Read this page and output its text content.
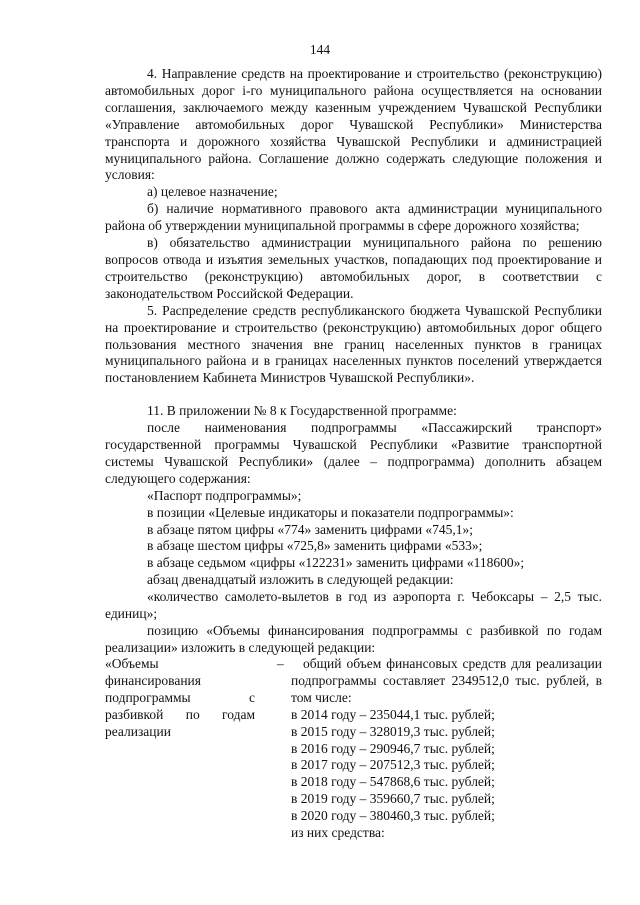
144

4. Направление средств на проектирование и строительство (реконструкцию) автомобильных дорог i-го муниципального района осуществляется на основании соглашения, заключаемого между казенным учреждением Чувашской Республики «Управление автомобильных дорог Чувашской Республики» Министерства транспорта и дорожного хозяйства Чувашской Республики и администрацией муниципального района. Соглашение должно содержать следующие положения и условия:

а) целевое назначение;

б) наличие нормативного правового акта администрации муниципального района об утверждении муниципальной программы в сфере дорожного хозяйства;

в) обязательство администрации муниципального района по решению вопросов отвода и изъятия земельных участков, попадающих под проектирование и строительство (реконструкцию) автомобильных дорог, в соответствии с законодательством Российской Федерации.

5. Распределение средств республиканского бюджета Чувашской Республики на проектирование и строительство (реконструкцию) автомобильных дорог общего пользования местного значения вне границ населенных пунктов в границах муниципального района и в границах населенных пунктов поселений утверждается постановлением Кабинета Министров Чувашской Республики».

11. В приложении № 8 к Государственной программе:

после наименования подпрограммы «Пассажирский транспорт» государственной программы Чувашской Республики «Развитие транспортной системы Чувашской Республики» (далее – подпрограмма) дополнить абзацем следующего содержания:

«Паспорт подпрограммы»;

в позиции «Целевые индикаторы и показатели подпрограммы»:

в абзаце пятом цифры «774» заменить цифрами «745,1»;

в абзаце шестом цифры «725,8» заменить цифрами «533»;

в абзаце седьмом «цифры «122231» заменить цифрами «118600»;

абзац двенадцатый изложить в следующей редакции:

«количество самолето-вылетов в год из аэропорта г. Чебоксары – 2,5 тыс. единиц»;

позицию «Объемы финансирования подпрограммы с разбивкой по годам реализации» изложить в следующей редакции:

«Объемы финансирования подпрограммы с разбивкой по годам реализации
–	общий объем финансовых средств для реализации подпрограммы составляет 2349512,0 тыс. рублей, в том числе:

в 2014 году – 235044,1 тыс. рублей;

в 2015 году – 328019,3 тыс. рублей;

в 2016 году – 290946,7 тыс. рублей;

в 2017 году – 207512,3 тыс. рублей;

в 2018 году – 547868,6 тыс. рублей;

в 2019 году – 359660,7 тыс. рублей;

в 2020 году – 380460,3 тыс. рублей;

из них средства:
